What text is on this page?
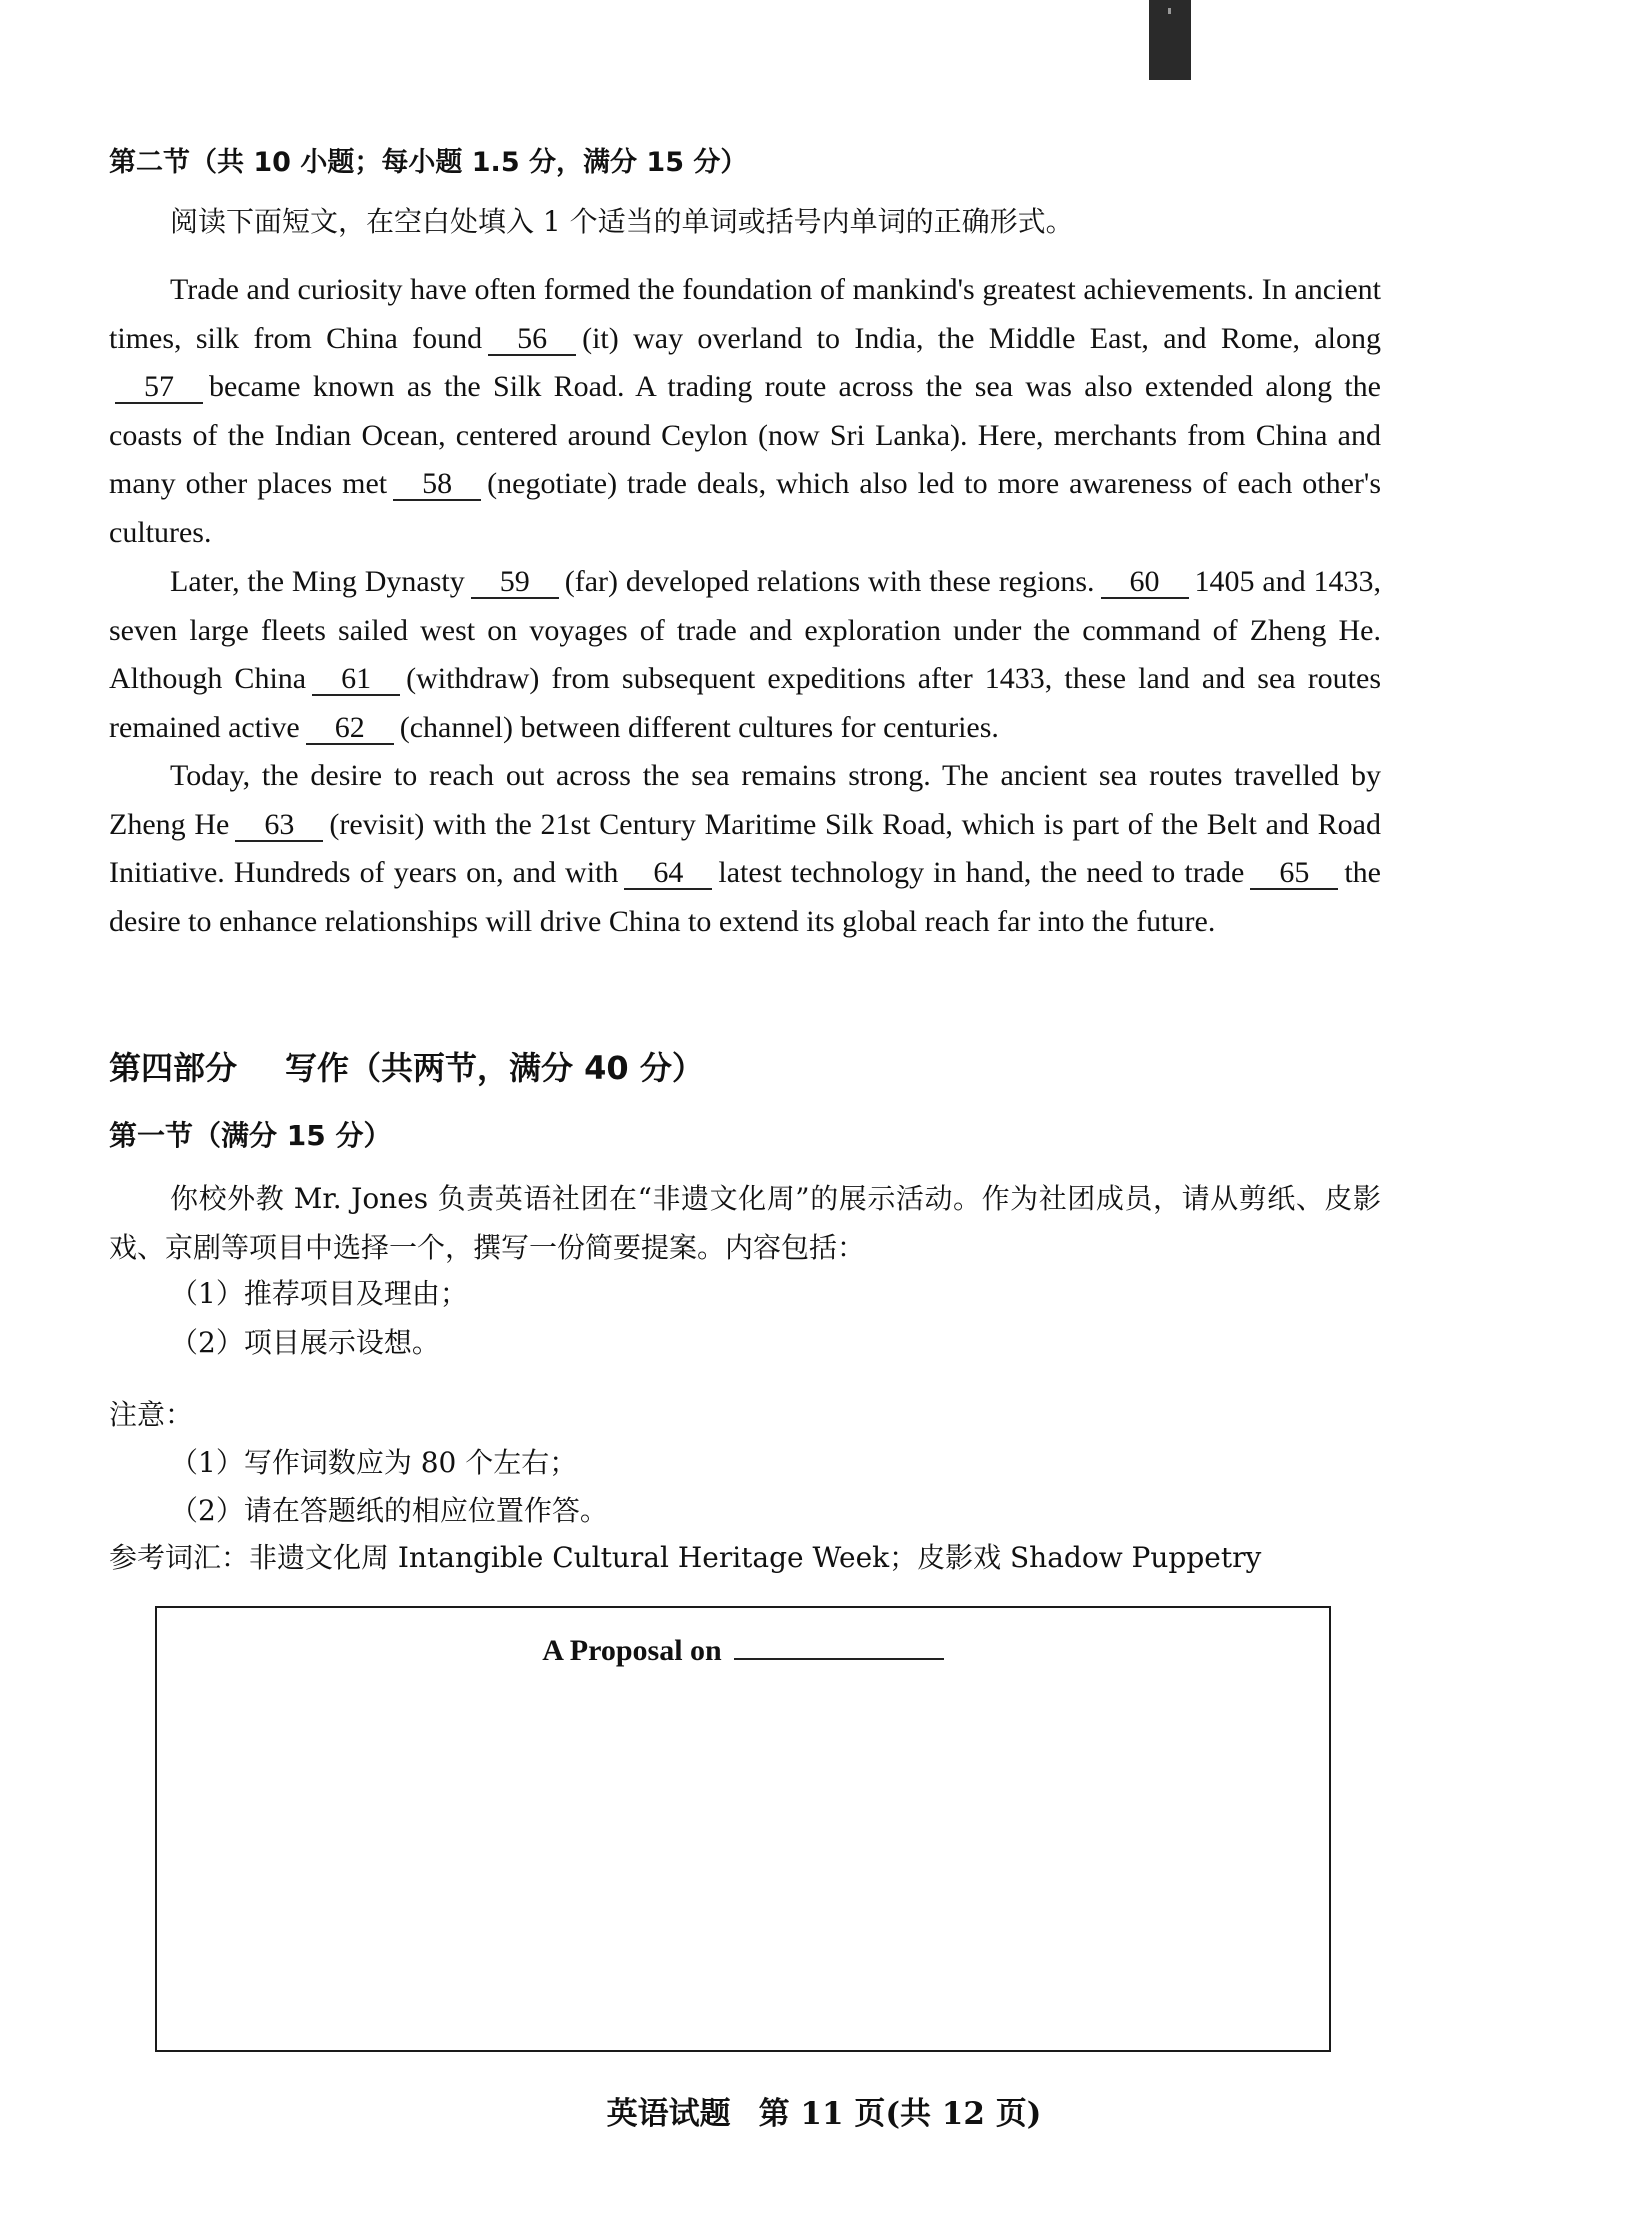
第二节（共 10 小题；每小题 1.5 分，满分 15 分）
阅读下面短文，在空白处填入 1 个适当的单词或括号内单词的正确形式。
Trade and curiosity have often formed the foundation of mankind's greatest achievements. In ancient times, silk from China found 56 (it) way overland to India, the Middle East, and Rome, along57 became known as the Silk Road. A trading route across the sea was also extended along the coasts of the Indian Ocean, centered around Ceylon (now Sri Lanka). Here, merchants from China and many other places met 58 (negotiate) trade deals, which also led to more awareness of each other's cultures.
Later, the Ming Dynasty 59 (far) developed relations with these regions. 60 1405 and 1433, seven large fleets sailed west on voyages of trade and exploration under the command of Zheng He. Although China 61 (withdraw) from subsequent expeditions after 1433, these land and sea routes remained active 62 (channel) between different cultures for centuries.
Today, the desire to reach out across the sea remains strong. The ancient sea routes travelled by Zheng He 63 (revisit) with the 21st Century Maritime Silk Road, which is part of the Belt and Road Initiative. Hundreds of years on, and with 64 latest technology in hand, the need to trade 65 the desire to enhance relationships will drive China to extend its global reach far into the future.
第四部分 写作（共两节，满分 40 分）
第一节（满分 15 分）
你校外教 Mr. Jones 负责英语社团在“非遗文化周”的展示活动。作为社团成员，请从剪纸、皮影戏、京剧等项目中选择一个，撰写一份简要提案。内容包括：
（1）推荐项目及理由；
（2）项目展示设想。
注意：
（1）写作词数应为 80 个左右；
（2）请在答题纸的相应位置作答。
参考词汇：非遗文化周 Intangible Cultural Heritage Week；皮影戏 Shadow Puppetry
A Proposal on
英语试题 第 11 页(共 12 页)
